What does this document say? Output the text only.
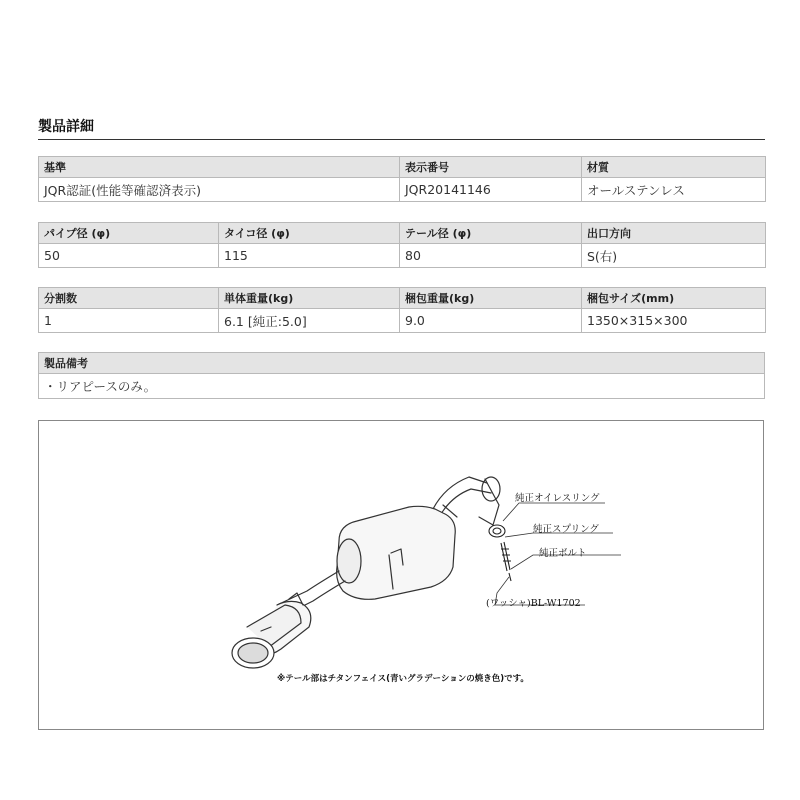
製品詳細
基準	表示番号	材質
JQR認証(性能等確認済表示)	JQR20141146	オールステンレス
パイプ径 (φ)	タイコ径 (φ)	テール径 (φ)	出口方向
50	115	80	S(右)
分割数	単体重量(kg)	梱包重量(kg)	梱包サイズ(mm)
1	6.1 [純正:5.0]	9.0	1350×315×300
製品備考
・リアピースのみ。
純正オイレスリング
純正スプリング
純正ボルト
(ワッシャ)BL-W1702
※テール部はチタンフェイス(青いグラデーションの焼き色)です。
